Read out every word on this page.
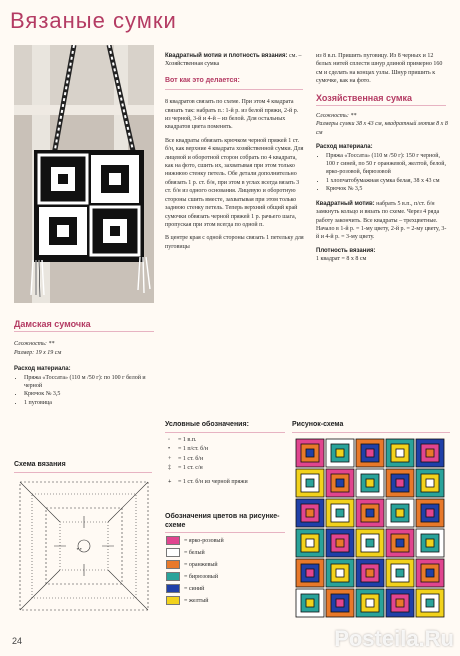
Вязаные сумки
Дамская сумочка
Сложность: **
Размер: 19 х 19 см
Расход материала:
• Пряжа «Тоссата» (110 м /50 г): по 100 г белой и черной
• Крючок № 3,5
• 1 пуговица
Схема вязания
∘∘

Квадратный мотив и плотность вязания: см. – Хозяйственная сумка

Вот как это делается:

8 квадратов связать по схеме. При этом 4 квадрата связать так: набрать п.: 1-й р. из белой пряжи, 2-й р. из черной, 3-й и 4-й – из белой. Для остальных квадратов цвета поменять.

Все квадраты обвязать крючком черной пряжей 1 ст. б/н, как верхние 4 квадрата хозяйственной сумки. Для лицевой и оборотной сторон собрать по 4 квадрата, как на фото, сшить их, захватывая при этом только нижнюю стенку петель. Обе детали дополнительно обвязать 1 р. ст. б/н, при этом в углах всегда вязать 3 ст. б/н из одного основания. Лицевую и оборотную стороны сшить вместе, захватывая при этом только заднюю стенку петель. Теперь верхний общий край сумочки обвязать черной пряжей 1 р. рачьего шага, пропуская при этом всегда по одной п.

В центре края с одной стороны связать 1 петельку для пуговицы

из 8 в.п. Пришить пуговицу. Из 8 черных и 12 белых нитей сплести шнур длиной примерно 160 см и сделать на концах узлы. Шнур пришить к сумочке, как на фото.

Хозяйственная сумка
Сложность: **
Размеры сумки 38 х 43 см, квадратный мотив 8 х 8 см
Расход материала:
• Пряжа «Тоссата» (110 м /50 г): 150 г черной, 100 г синей, по 50 г оранжевой, желтой, белой, ярко-розовой, бирюзовой
• 1 хлопчатобумажная сумка белая, 38 х 43 см
• Крючок № 3,5

Квадратный мотив: набрать 5 в.п., п/ст. б/н замкнуть кольцо и вязать по схеме. Через 4 ряда работу закончить. Все квадраты – трехцветные. Начало в 1-й р. = 1-му цвету, 2-й р. = 2-му цвету, 3-й и 4-й р. = 3-му цвету.

Плотность вязания:
1 квадрат = 8 х 8 см
Условные обозначения:
◦	= 1 в.п.
•	= 1 п/ст. б/н
+	= 1 ст. б/н
‡	= 1 ст. с/н
+	= 1 ст. б/н из черной пряжи
Обозначения цветов на рисунке-схеме
= ярко-розовый
= белый
= оранжевый
= бирюзовый
= синий
= желтый
Рисунок-схема
24	Posteila.Ru
